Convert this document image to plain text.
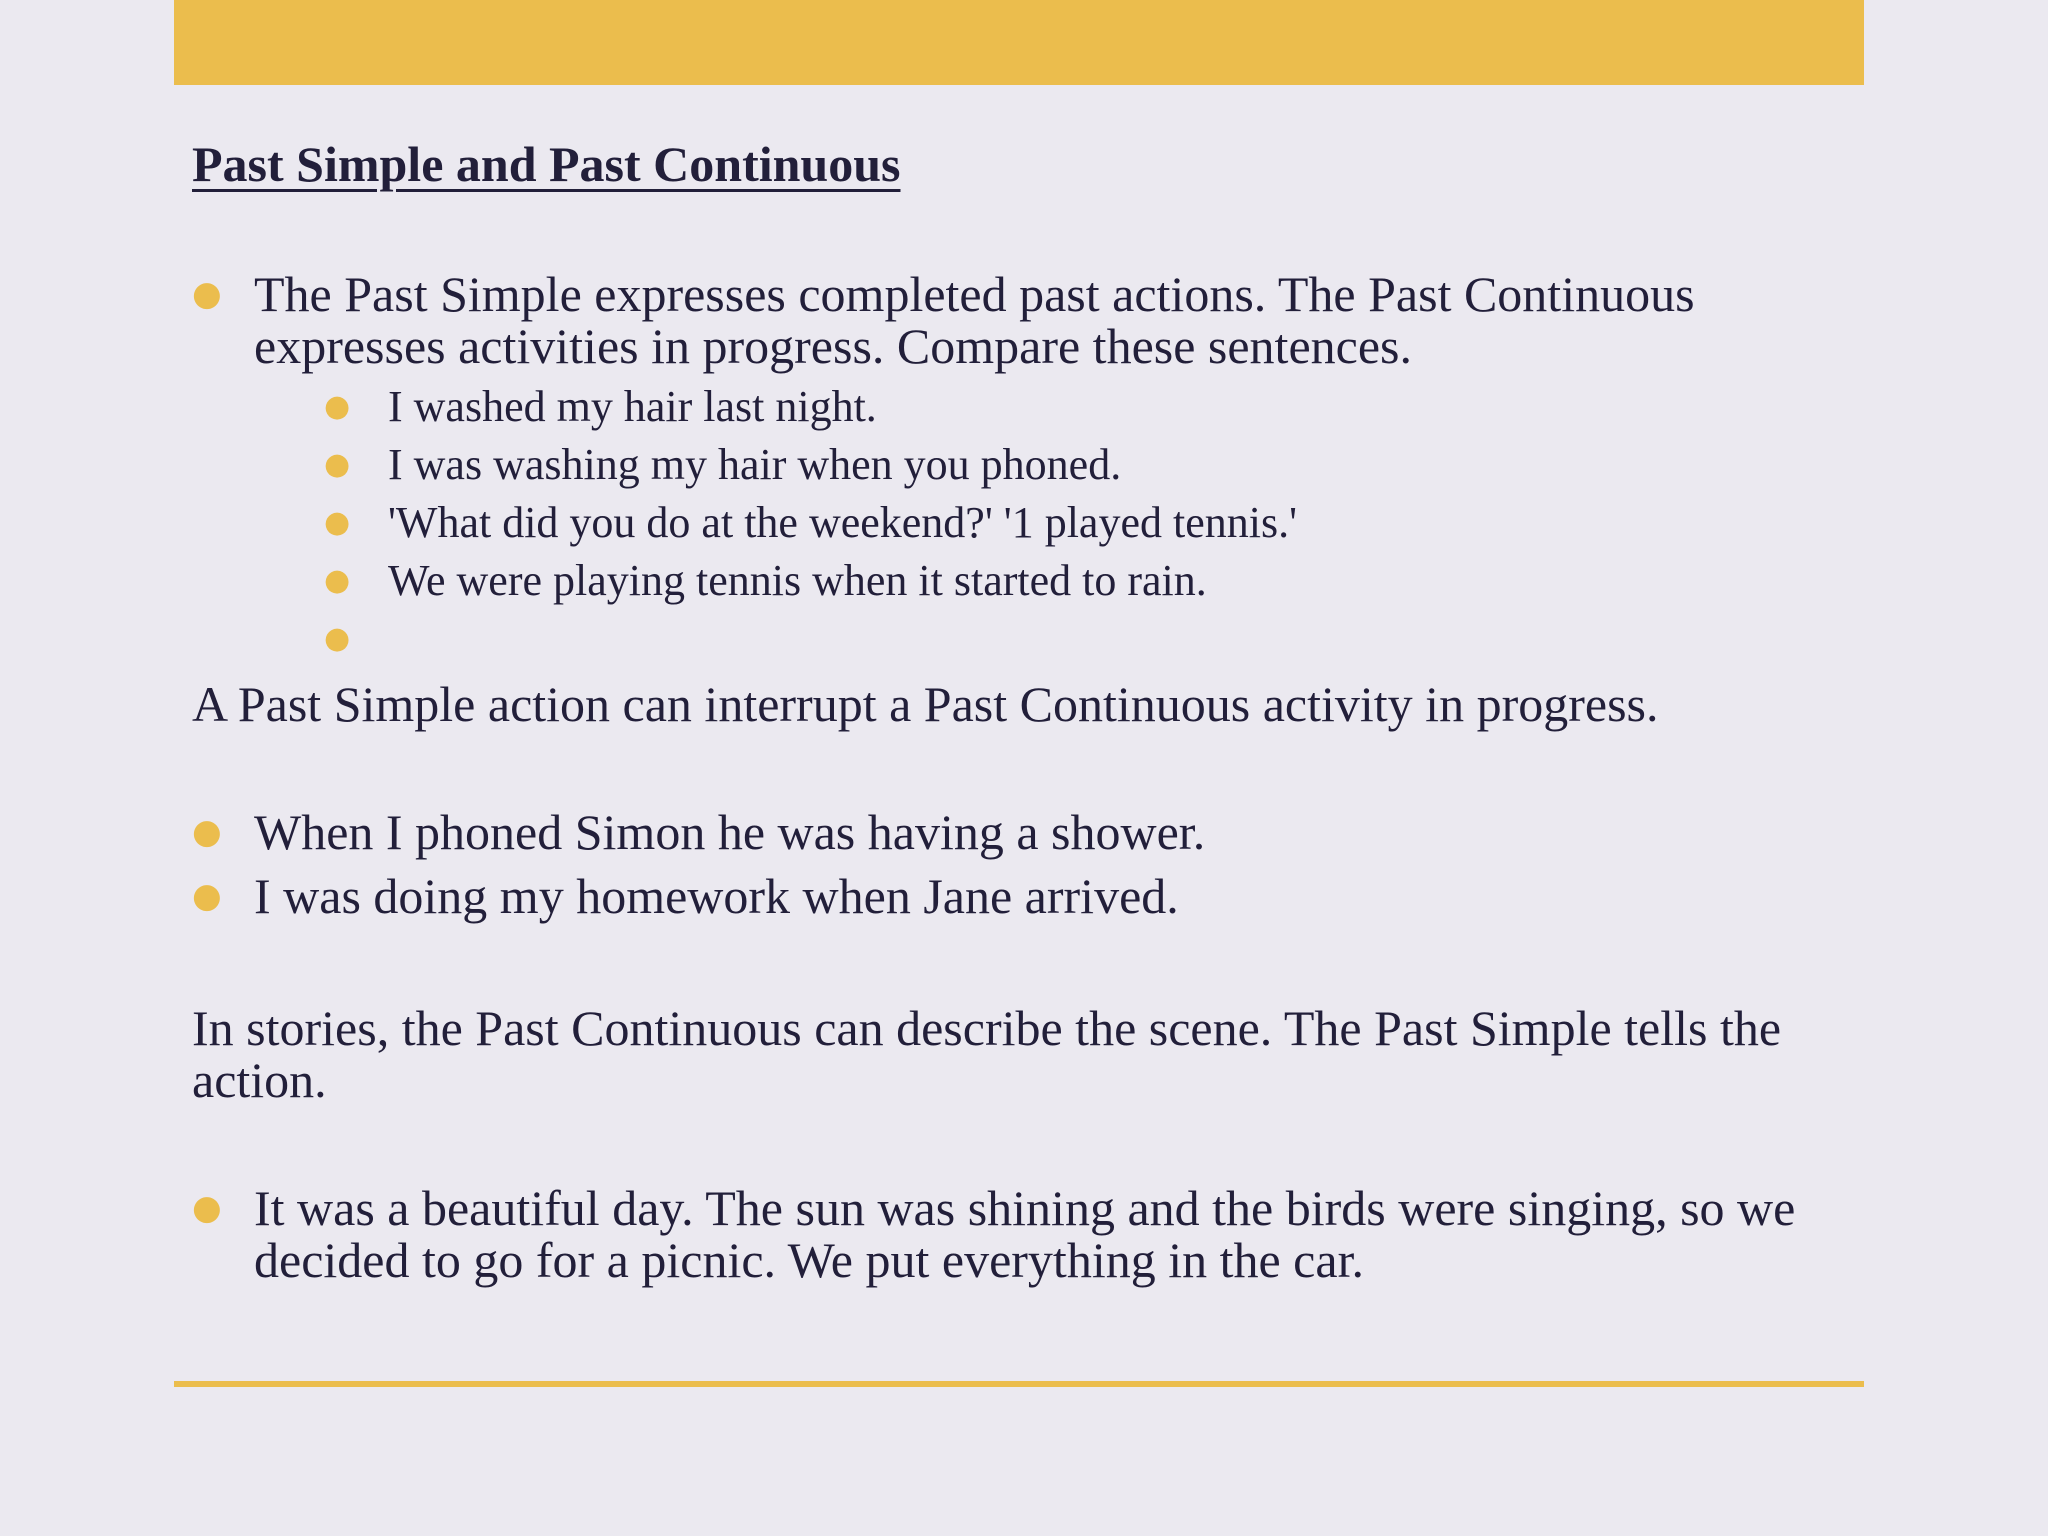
Past Simple and Past Continuous
● The Past Simple expresses completed past actions. The Past Continuous expresses activities in progress. Compare these sentences.
● I washed my hair last night.
● I was washing my hair when you phoned.
● 'What did you do at the weekend?' '1 played tennis.'
● We were playing tennis when it started to rain.
●

A Past Simple action can interrupt a Past Continuous activity in progress.

● When I phoned Simon he was having a shower.
● I was doing my homework when Jane arrived.

In stories, the Past Continuous can describe the scene. The Past Simple tells the action.

● It was a beautiful day. The sun was shining and the birds were singing, so we decided to go for a picnic. We put everything in the car.
